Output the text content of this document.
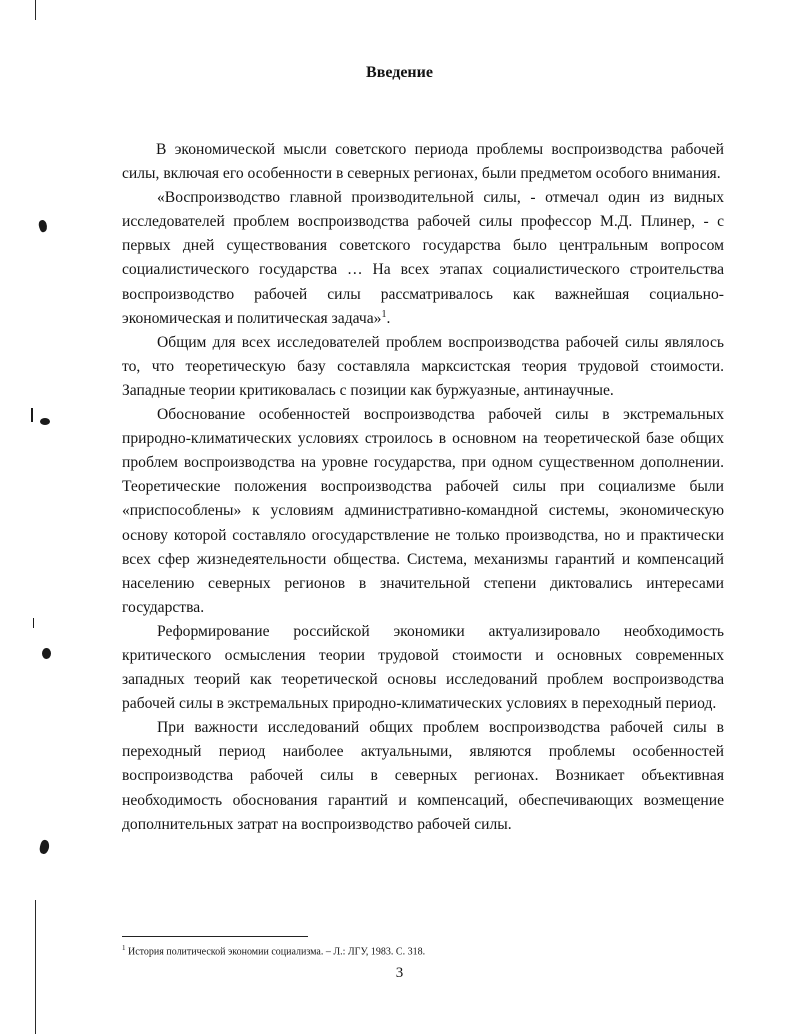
Введение

В экономической мысли советского периода проблемы воспроизводства рабочей силы, включая его особенности в северных регионах, были предметом особого внимания.

«Воспроизводство главной производительной силы, - отмечал один из видных исследователей проблем воспроизводства рабочей силы профессор М.Д. Плинер, - с первых дней существования советского государства было центральным вопросом социалистического государства … На всех этапах социалистического строительства воспроизводство рабочей силы рассматривалось как важнейшая социально-экономическая и политическая задача»$^1$.

Общим для всех исследователей проблем воспроизводства рабочей силы являлось то, что теоретическую базу составляла марксистская теория трудовой стоимости. Западные теории критиковалась с позиции как буржуазные, антинаучные.

Обоснование особенностей воспроизводства рабочей силы в экстремальных природно-климатических условиях строилось в основном на теоретической базе общих проблем воспроизводства на уровне государства, при одном существенном дополнении. Теоретические положения воспроизводства рабочей силы при социализме были «приспособлены» к условиям административно-командной системы, экономическую основу которой составляло огосударствление не только производства, но и практически всех сфер жизнедеятельности общества. Система, механизмы гарантий и компенсаций населению северных регионов в значительной степени диктовались интересами государства.

Реформирование российской экономики актуализировало необходимость критического осмысления теории трудовой стоимости и основных современных западных теорий как теоретической основы исследований проблем воспроизводства рабочей силы в экстремальных природно-климатических условиях в переходный период.

При важности исследований общих проблем воспроизводства рабочей силы в переходный период наиболее актуальными, являются проблемы особенностей воспроизводства рабочей силы в северных регионах. Возникает объективная необходимость обоснования гарантий и компенсаций, обеспечивающих возмещение дополнительных затрат на воспроизводство рабочей силы.

$^1$ История политической экономии социализма. – Л.: ЛГУ, 1983. С. 318.

3
